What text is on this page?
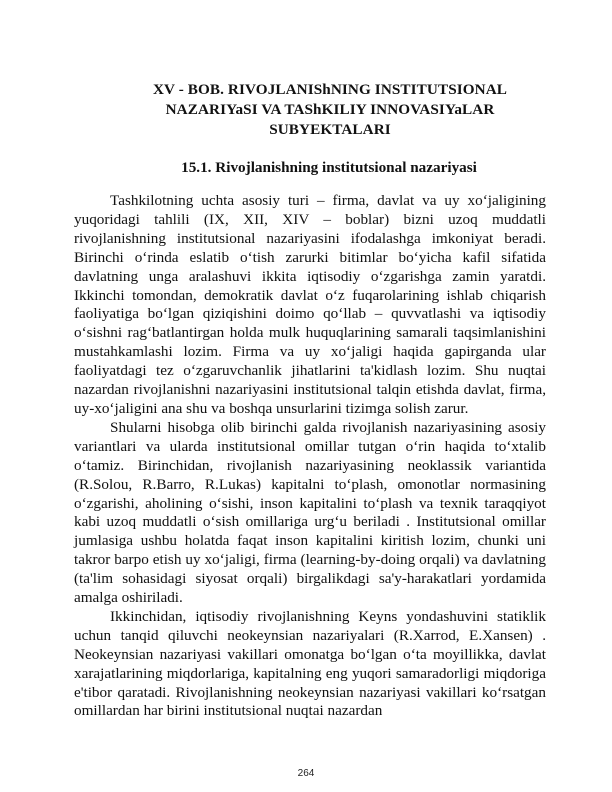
XV - BOB. RIVOJLANIShNING INSTITUTSIONAL
NAZARIYaSI VA TAShKILIY INNOVASIYaLAR
SUBYEKTALARI
15.1. Rivojlanishning institutsional nazariyasi

Tashkilotning uchta asosiy turi – firma, davlat va uy xo‘jaligining yuqoridagi tahlili (IX, XII, XIV – boblar) bizni uzoq muddatli rivojlanishning institutsional nazariyasini ifodalashga imkoniyat beradi. Birinchi o‘rinda eslatib o‘tish zarurki bitimlar bo‘yicha kafil sifatida davlatning unga aralashuvi ikkita iqtisodiy o‘zgarishga zamin yaratdi. Ikkinchi tomondan, demokratik davlat o‘z fuqarolarining ishlab chiqarish faoliyatiga bo‘lgan qiziqishini doimo qo‘llab – quvvatlashi va iqtisodiy o‘sishni rag‘batlantirgan holda mulk huquqlarining samarali taqsimlanishini mustahkamlashi lozim. Firma va uy xo‘jaligi haqida gapirganda ular faoliyatdagi tez o‘zgaruvchanlik jihatlarini ta'kidlash lozim. Shu nuqtai nazardan rivojlanishni nazariyasini institutsional talqin etishda davlat, firma, uy-xo‘jaligini ana shu va boshqa unsurlarini tizimga solish zarur.

Shularni hisobga olib birinchi galda rivojlanish nazariyasining asosiy variantlari va ularda institutsional omillar tutgan o‘rin haqida to‘xtalib o‘tamiz. Birinchidan, rivojlanish nazariyasining neoklassik variantida (R.Solou, R.Barro, R.Lukas) kapitalni to‘plash, omonotlar normasining o‘zgarishi, aholining o‘sishi, inson kapitalini to‘plash va texnik taraqqiyot kabi uzoq muddatli o‘sish omillariga urg‘u beriladi . Institutsional omillar jumlasiga ushbu holatda faqat inson kapitalini kiritish lozim, chunki uni takror barpo etish uy xo‘jaligi, firma (learning-by-doing orqali) va davlatning (ta'lim sohasidagi siyosat orqali) birgalikdagi sa'y-harakatlari yordamida amalga oshiriladi.

Ikkinchidan, iqtisodiy rivojlanishning Keyns yondashuvini statiklik uchun tanqid qiluvchi neokeynsian nazariyalari (R.Xarrod, E.Xansen) . Neokeynsian nazariyasi vakillari omonatga bo‘lgan o‘ta moyillikka, davlat xarajatlarining miqdorlariga, kapitalning eng yuqori samaradorligi miqdoriga e'tibor qaratadi. Rivojlanishning neokeynsian nazariyasi vakillari ko‘rsatgan omillardan har birini institutsional nuqtai nazardan

264
